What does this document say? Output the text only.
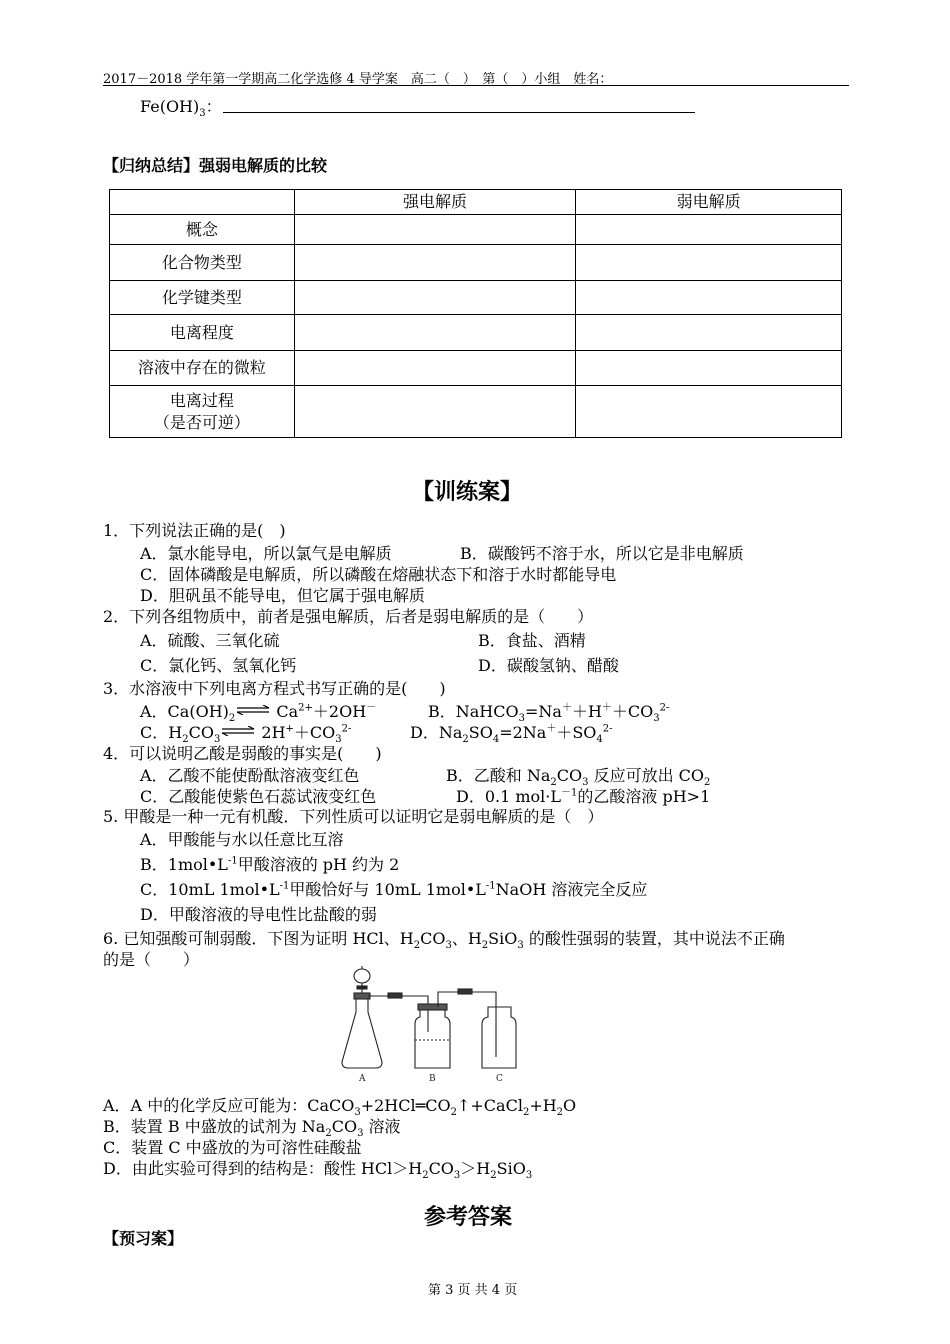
2017－2018 学年第一学期高二化学选修 4 导学案　高二（　）　第（　）小组　姓名：
$Fe(OH)_3$：
【归纳总结】强弱电解质的比较
	强电解质	弱电解质
概念		
化合物类型		
化学键类型		
电离程度		
溶液中存在的微粒		
电离过程
（是否可逆）		
【训练案】
1．下列说法正确的是(　)
A．氯水能导电，所以氯气是电解质	B．碳酸钙不溶于水，所以它是非电解质
C．固体磷酸是电解质，所以磷酸在熔融状态下和溶于水时都能导电
D．胆矾虽不能导电，但它属于强电解质
2．下列各组物质中，前者是强电解质，后者是弱电解质的是（　　）
A．硫酸、三氧化硫	B．食盐、酒精
C．氯化钙、氢氧化钙	D．碳酸氢钠、醋酸
3．水溶液中下列电离方程式书写正确的是(　　)
A．$Ca(OH)_2\rightleftharpoons$ $Ca^{2+}+2OH^-$	B．$NaHCO_3=Na^++H^++CO_3^{2-}$
C．$H_2CO_3\rightleftharpoons$ $2H^++CO_3^{2-}$	D．$Na_2SO_4=2Na^++SO_4^{2-}$
4．可以说明乙酸是弱酸的事实是(　　)
A．乙酸不能使酚酞溶液变红色	B．乙酸和 $Na_2CO_3$ 反应可放出 $CO_2$
C．乙酸能使紫色石蕊试液变红色	D．0.1 $mol\cdot L^{-1}$的乙酸溶液 pH>1
5. 甲酸是一种一元有机酸．下列性质可以证明它是弱电解质的是（　）
A．甲酸能与水以任意比互溶
B．$1mol•L^{-1}$甲酸溶液的 pH 约为 2
C．10mL $1mol•L^{-1}$甲酸恰好与 10mL $1mol•L^{-1}NaOH$ 溶液完全反应
D．甲酸溶液的导电性比盐酸的弱
6. 已知强酸可制弱酸．下图为证明 HCl、$H_2CO_3$、$H_2SiO_3$ 的酸性强弱的装置，其中说法不正确
的是（　　）
A	B	C
A．A 中的化学反应可能为：$CaCO_3+2HCl═CO_2↑+CaCl_2+H_2O$
B．装置 B 中盛放的试剂为 $Na_2CO_3$ 溶液
C．装置 C 中盛放的为可溶性硅酸盐
D．由此实验可得到的结构是：酸性 $HCl>H_2CO_3>H_2SiO_3$
参考答案
【预习案】
第 3 页 共 4 页
